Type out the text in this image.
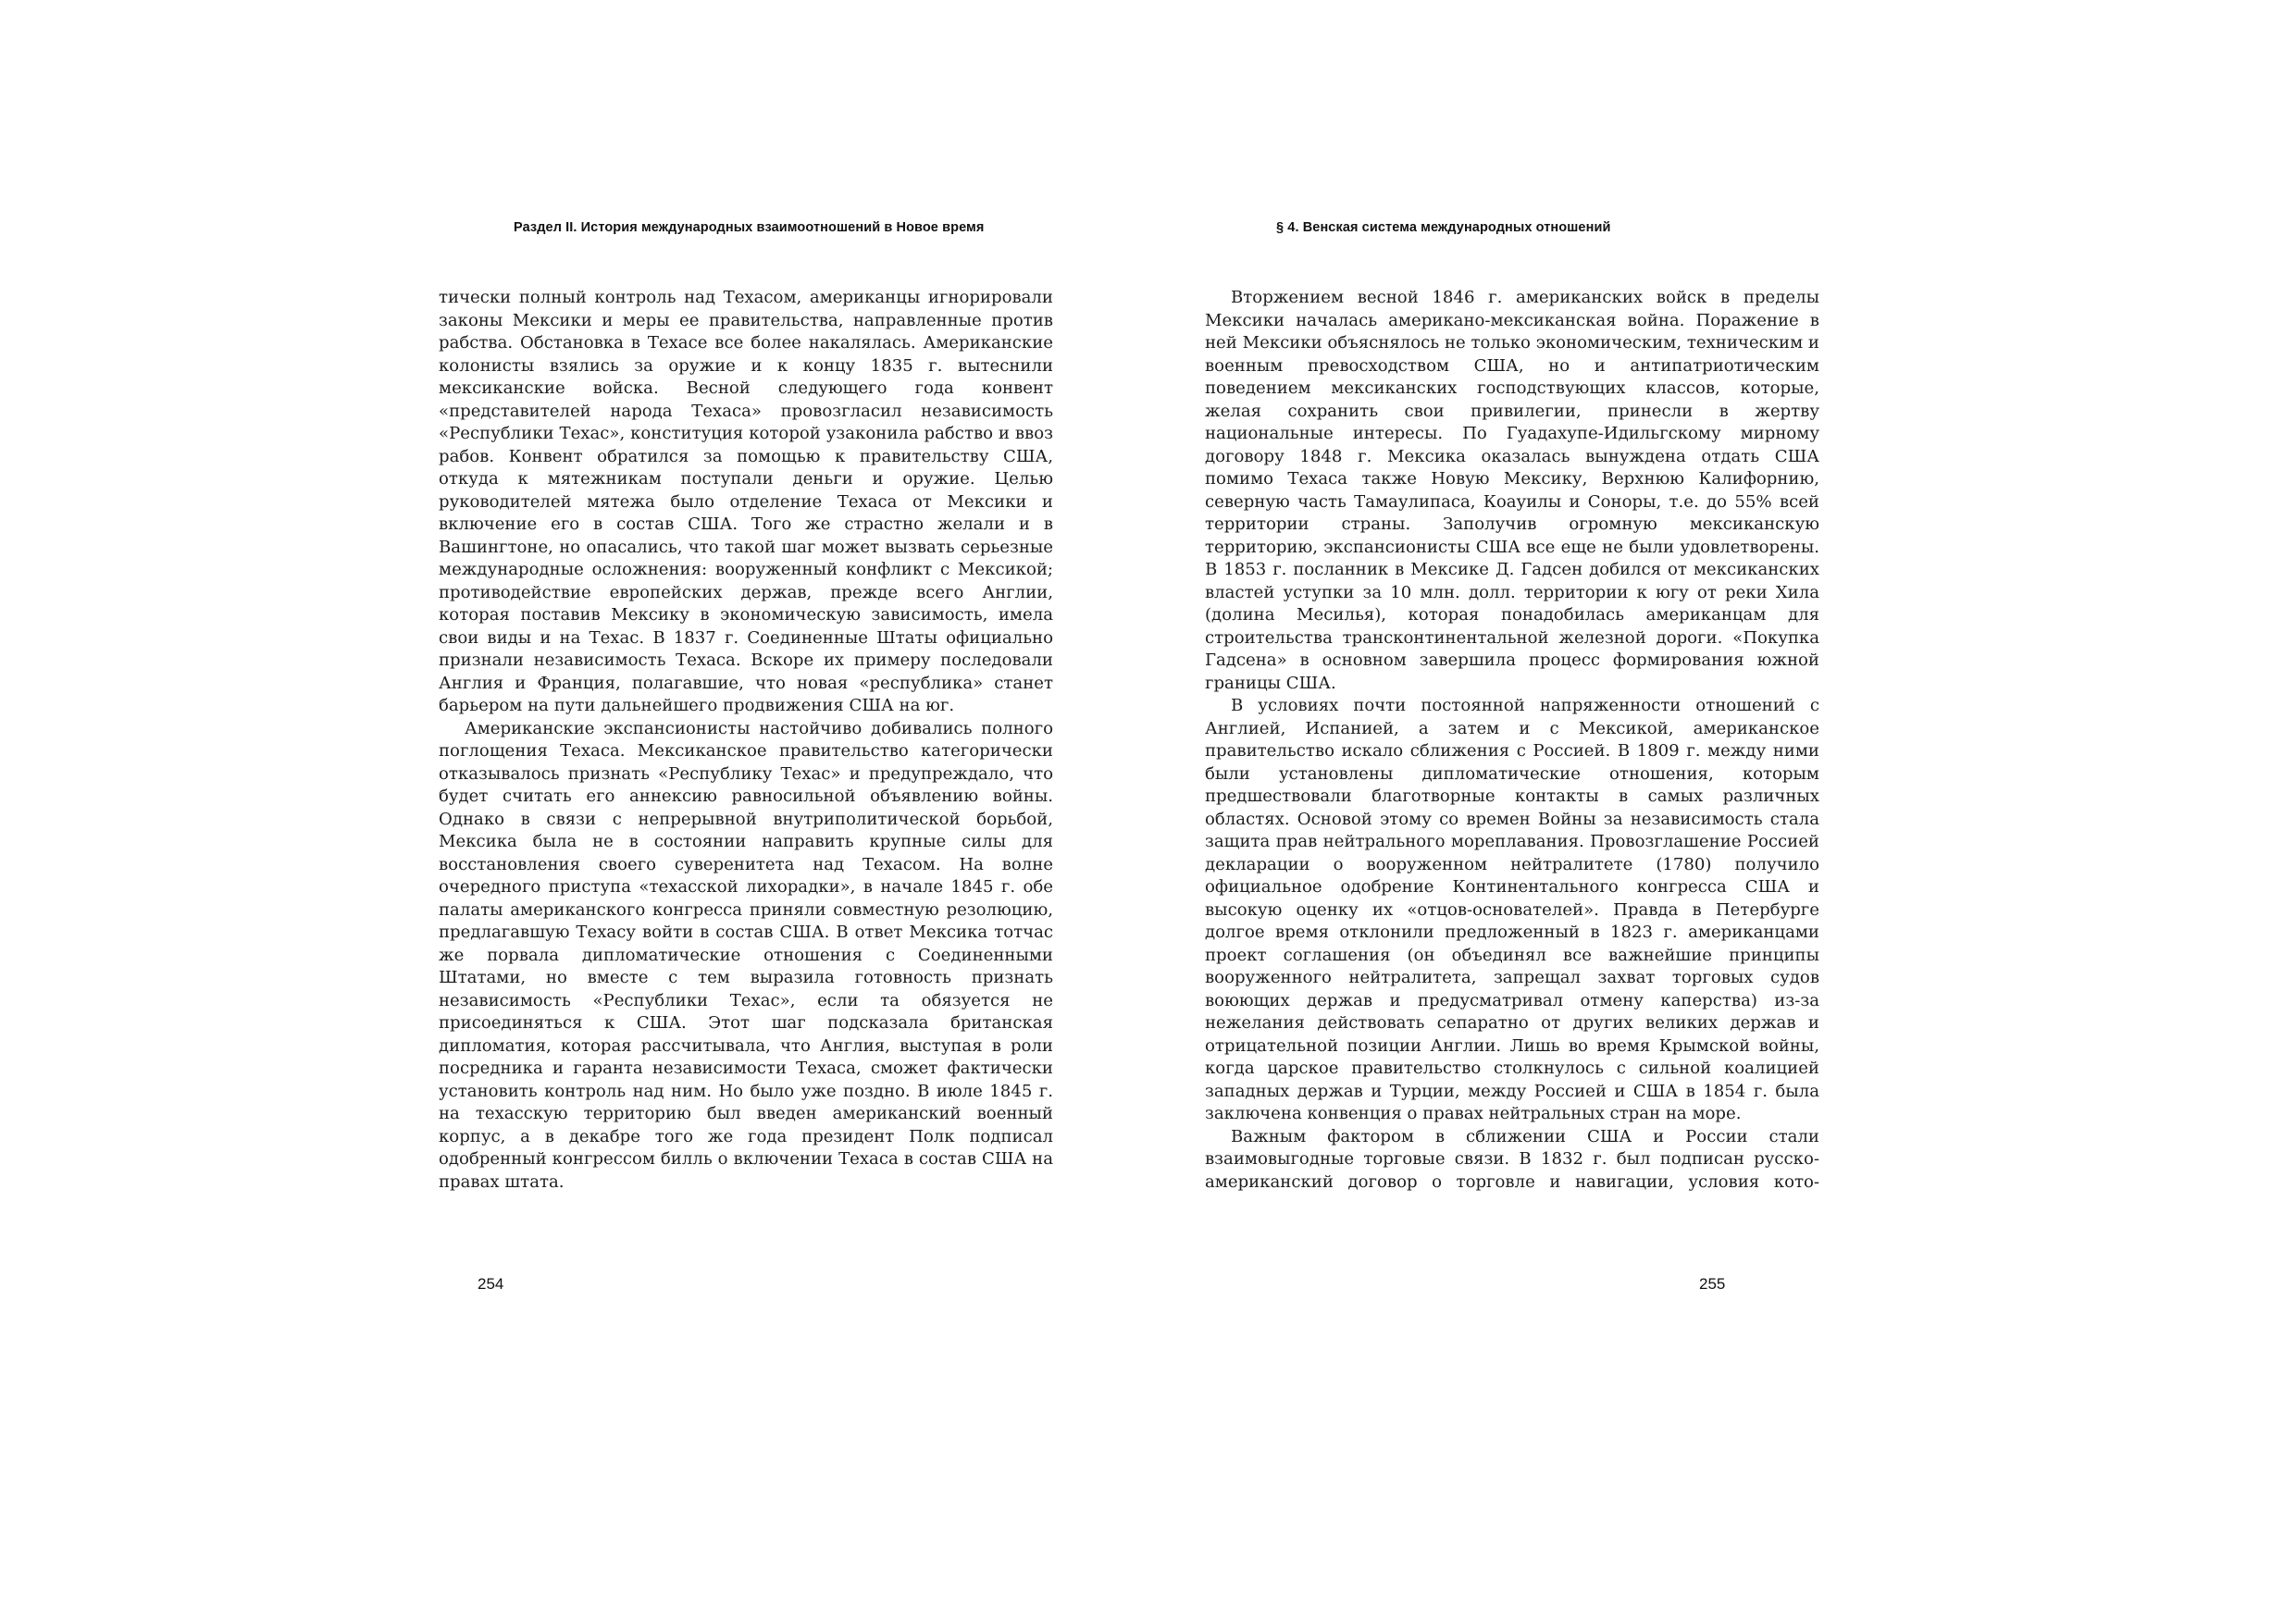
Раздел II. История международных взаимоотношений в Новое время

тически полный контроль над Техасом, американцы игнорировали законы Мексики и меры ее правительства, направленные против рабства. Обстановка в Техасе все более накалялась. Американские колонисты взялись за оружие и к концу 1835 г. вытеснили мексиканские войска. Весной следующего года конвент «представителей народа Техаса» провозгласил независимость «Республики Техас», конституция которой узаконила рабство и ввоз рабов. Конвент обратился за помощью к правительству США, откуда к мятежникам поступали деньги и оружие. Целью руководителей мятежа было отделение Техаса от Мексики и включение его в состав США. Того же страстно желали и в Вашингтоне, но опасались, что такой шаг может вызвать серьезные международные осложнения: вооруженный конфликт с Мексикой; противодействие европейских держав, прежде всего Англии, которая поставив Мексику в экономическую зависимость, имела свои виды и на Техас. В 1837 г. Соединенные Штаты официально признали независимость Техаса. Вскоре их примеру последовали Англия и Франция, полагавшие, что новая «республика» станет барьером на пути дальнейшего продвижения США на юг.

Американские экспансионисты настойчиво добивались полного поглощения Техаса. Мексиканское правительство категорически отказывалось признать «Республику Техас» и предупреждало, что будет считать его аннексию равносильной объявлению войны. Однако в связи с непрерывной внутриполитической борьбой, Мексика была не в состоянии направить крупные силы для восстановления своего суверенитета над Техасом. На волне очередного приступа «техасской лихорадки», в начале 1845 г. обе палаты американского конгресса приняли совместную резолюцию, предлагавшую Техасу войти в состав США. В ответ Мексика тотчас же порвала дипломатические отношения с Соединенными Штатами, но вместе с тем выразила готовность признать независимость «Республики Техас», если та обязуется не присоединяться к США. Этот шаг подсказала британская дипломатия, которая рассчитывала, что Англия, выступая в роли посредника и гаранта независимости Техаса, сможет фактически установить контроль над ним. Но было уже поздно. В июле 1845 г. на техасскую территорию был введен американский военный корпус, а в декабре того же года президент Полк подписал одобренный конгрессом билль о включении Техаса в состав США на правах штата.

254
§ 4. Венская система международных отношений

Вторжением весной 1846 г. американских войск в пределы Мексики началась американо-мексиканская война. Поражение в ней Мексики объяснялось не только экономическим, техническим и военным превосходством США, но и антипатриотическим поведением мексиканских господствующих классов, которые, желая сохранить свои привилегии, принесли в жертву национальные интересы. По Гуадахупе-Идильгскому мирному договору 1848 г. Мексика оказалась вынуждена отдать США помимо Техаса также Новую Мексику, Верхнюю Калифорнию, северную часть Тамаулипаса, Коауилы и Соноры, т.е. до 55% всей территории страны. Заполучив огромную мексиканскую территорию, экспансионисты США все еще не были удовлетворены. В 1853 г. посланник в Мексике Д. Гадсен добился от мексиканских властей уступки за 10 млн. долл. территории к югу от реки Хила (долина Месилья), которая понадобилась американцам для строительства трансконтинентальной железной дороги. «Покупка Гадсена» в основном завершила процесс формирования южной границы США.

В условиях почти постоянной напряженности отношений с Англией, Испанией, а затем и с Мексикой, американское правительство искало сближения с Россией. В 1809 г. между ними были установлены дипломатические отношения, которым предшествовали благотворные контакты в самых различных областях. Основой этому со времен Войны за независимость стала защита прав нейтрального мореплавания. Провозглашение Россией декларации о вооруженном нейтралитете (1780) получило официальное одобрение Континентального конгресса США и высокую оценку их «отцов-основателей». Правда в Петербурге долгое время отклонили предложенный в 1823 г. американцами проект соглашения (он объединял все важнейшие принципы вооруженного нейтралитета, запрещал захват торговых судов воюющих держав и предусматривал отмену каперства) из-за нежелания действовать сепаратно от других великих держав и отрицательной позиции Англии. Лишь во время Крымской войны, когда царское правительство столкнулось с сильной коалицией западных держав и Турции, между Россией и США в 1854 г. была заключена конвенция о правах нейтральных стран на море.

Важным фактором в сближении США и России стали взаимовыгодные торговые связи. В 1832 г. был подписан русско-американский договор о торговле и навигации, условия кото-

255
